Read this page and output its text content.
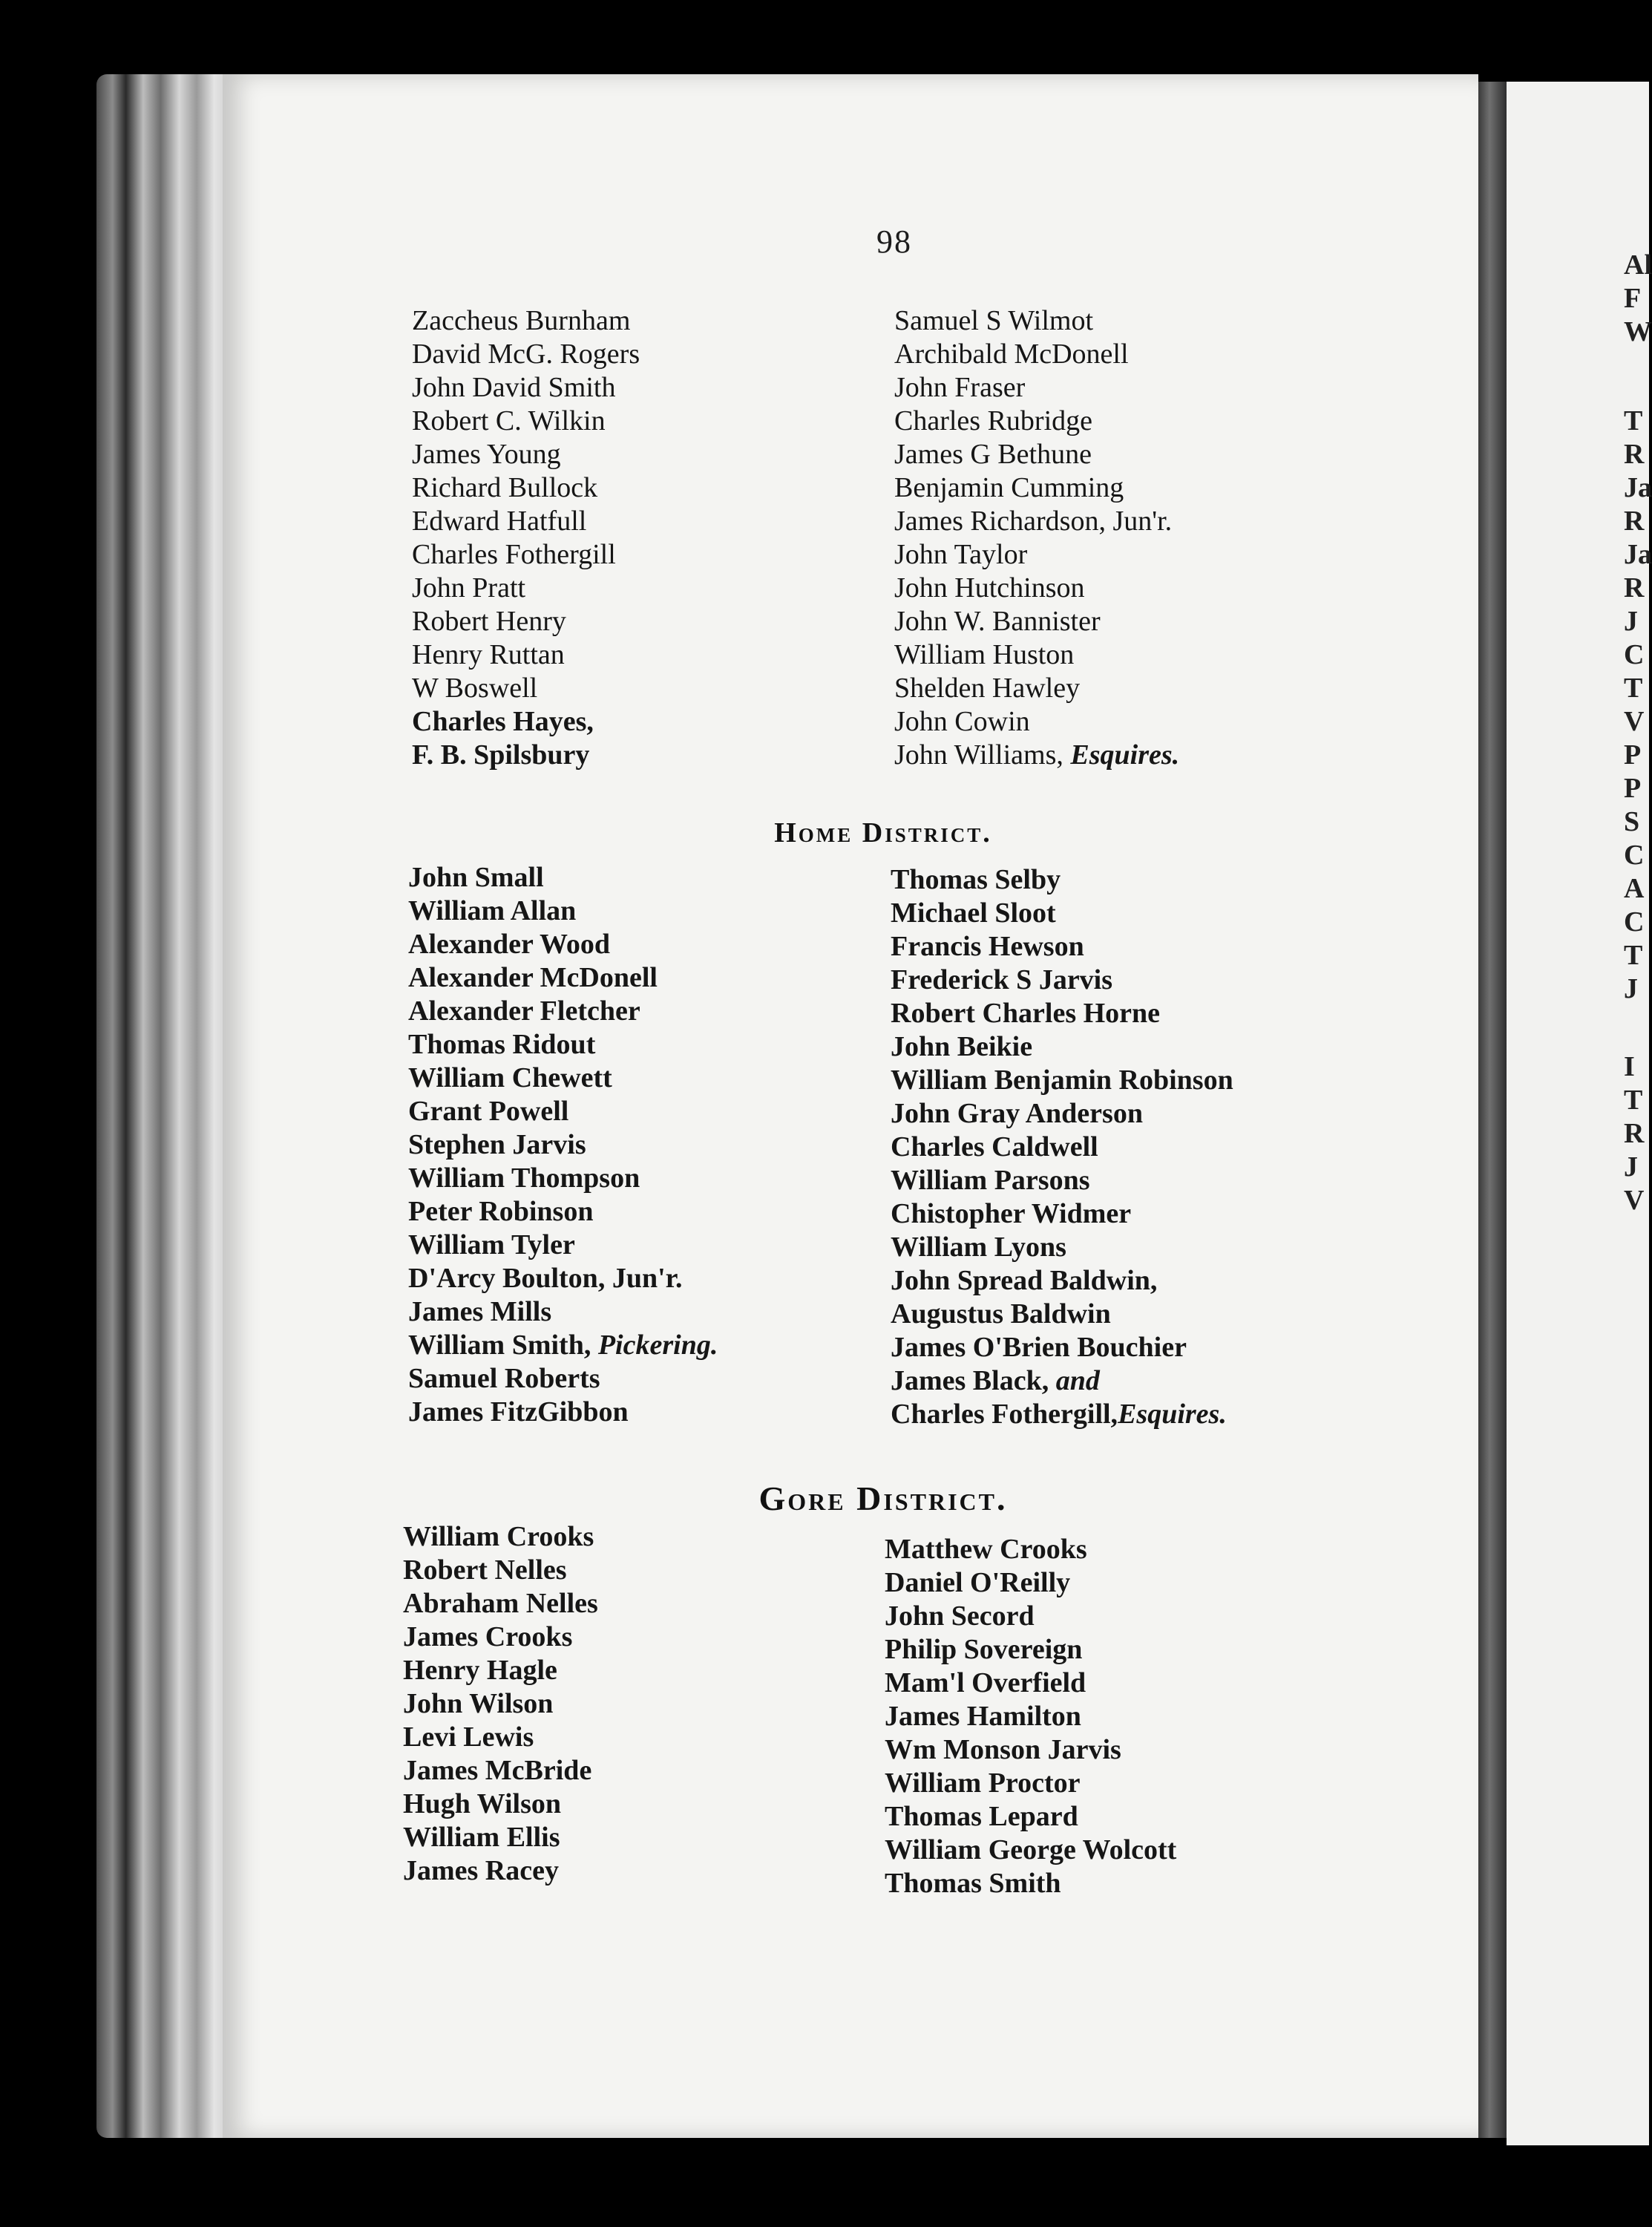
98
Zaccheus Burnham
David McG. Rogers
John David Smith
Robert C. Wilkin
James Young
Richard Bullock
Edward Hatfull
Charles Fothergill
John Pratt
Robert Henry
Henry Ruttan
W Boswell
Charles Hayes,
F. B. Spilsbury
Samuel S Wilmot
Archibald McDonell
John Fraser
Charles Rubridge
James G Bethune
Benjamin Cumming
James Richardson, Jun'r.
John Taylor
John Hutchinson
John W. Bannister
William Huston
Shelden Hawley
John Cowin
John Williams, Esquires.
Home District.
John Small
William Allan
Alexander Wood
Alexander McDonell
Alexander Fletcher
Thomas Ridout
William Chewett
Grant Powell
Stephen Jarvis
William Thompson
Peter Robinson
William Tyler
D'Arcy Boulton, Jun'r.
James Mills
William Smith, Pickering.
Samuel Roberts
James FitzGibbon
Thomas Selby
Michael Sloot
Francis Hewson
Frederick S Jarvis
Robert Charles Horne
John Beikie
William Benjamin Robinson
John Gray Anderson
Charles Caldwell
William Parsons
Chistopher Widmer
William Lyons
John Spread Baldwin,
Augustus Baldwin
James O'Brien Bouchier
James Black, and
Charles Fothergill,Esquires.
Gore District.
William Crooks
Robert Nelles
Abraham Nelles
James Crooks
Henry Hagle
John Wilson
Levi Lewis
James McBride
Hugh Wilson
William Ellis
James Racey
Matthew Crooks
Daniel O'Reilly
John Secord
Philip Sovereign
Mam'l Overfield
James Hamilton
Wm Monson Jarvis
William Proctor
Thomas Lepard
William George Wolcott
Thomas Smith
Al
F
W
T
R
Ja
R
Ja
R
J
C
T
V
P
P
S
C
A
C
T
J
I
T
R
J
V
